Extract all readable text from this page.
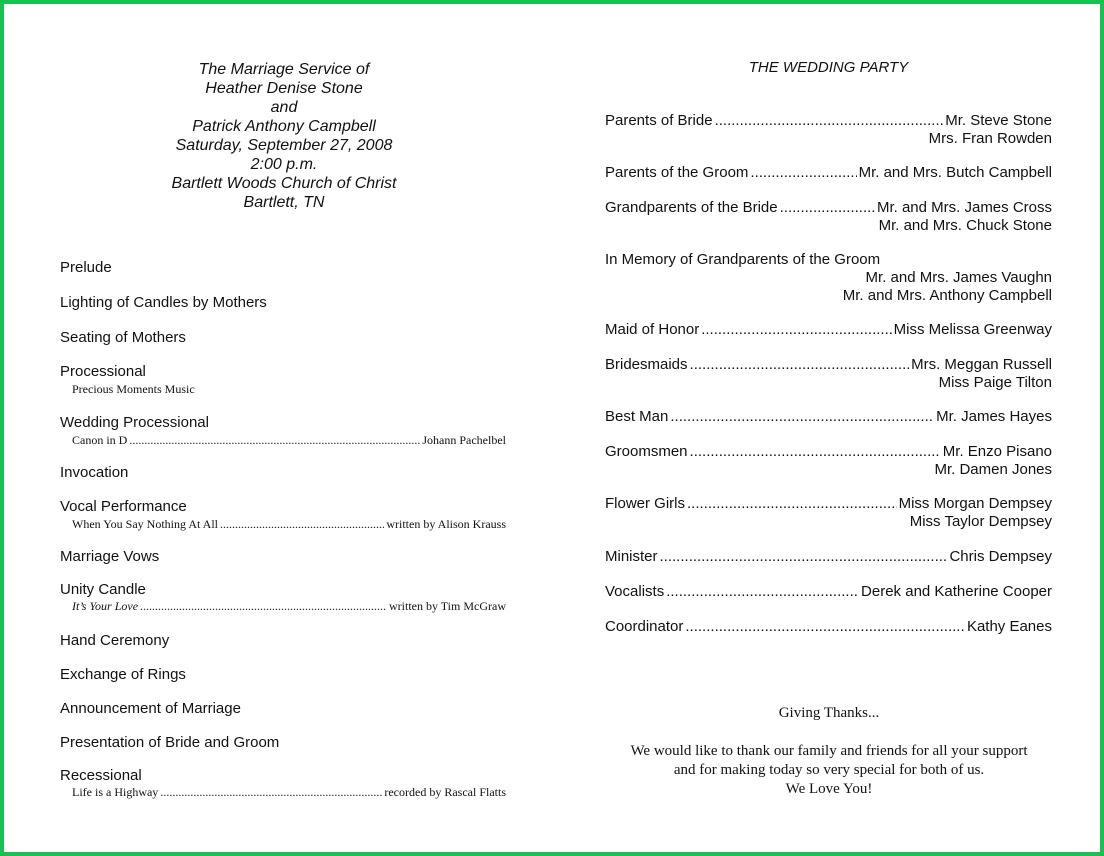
The Marriage Service of
Heather Denise Stone
and
Patrick Anthony Campbell
Saturday, September 27, 2008
2:00 p.m.
Bartlett Woods Church of Christ
Bartlett, TN
Prelude
Lighting of Candles by Mothers
Seating of Mothers
Processional
Precious Moments Music
Wedding Processional
Canon in D .....	Johann Pachelbel
Invocation
Vocal Performance
When You Say Nothing At All .....	written by Alison Krauss
Marriage Vows
Unity Candle
It’s Your Love .....	written by Tim McGraw
Hand Ceremony
Exchange of Rings
Announcement of Marriage
Presentation of Bride and Groom
Recessional
Life is a Highway .....	recorded by Rascal Flatts
THE WEDDING PARTY
Parents of Bride .....	Mr. Steve Stone
Mrs. Fran Rowden
Parents of the Groom .....	Mr. and Mrs. Butch Campbell
Grandparents of the Bride .....	Mr. and Mrs. James Cross
Mr. and Mrs. Chuck Stone
In Memory of Grandparents of the Groom
Mr. and Mrs. James Vaughn
Mr. and Mrs. Anthony Campbell
Maid of Honor .....	Miss Melissa Greenway
Bridesmaids .....	Mrs. Meggan Russell
Miss Paige Tilton
Best Man .....	Mr. James Hayes
Groomsmen .....	Mr. Enzo Pisano
Mr. Damen Jones
Flower Girls .....	Miss Morgan Dempsey
Miss Taylor Dempsey
Minister .....	Chris Dempsey
Vocalists .....	Derek and Katherine Cooper
Coordinator .....	Kathy Eanes
Giving Thanks...
We would like to thank our family and friends for all your support
and for making today so very special for both of us.
We Love You!
